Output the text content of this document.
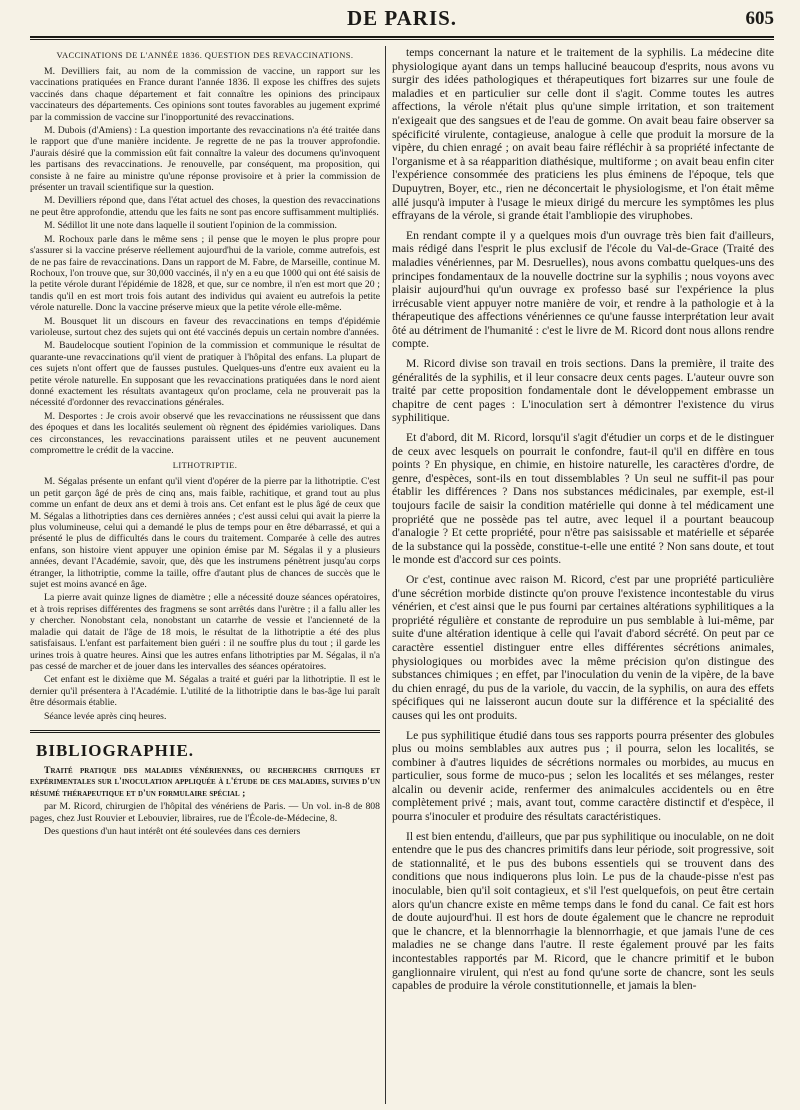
DE PARIS.	605
VACCINATIONS DE L'ANNÉE 1836. QUESTION DES REVACCINATIONS.

M. Devilliers fait, au nom de la commission de vaccine, un rapport sur les vaccinations pratiquées en France durant l'année 1836. Il expose les chiffres des sujets vaccinés dans chaque département et fait connaître les opinions des principaux vaccinateurs des départements. Ces opinions sont toutes favorables au jugement exprimé par la commission de vaccine sur l'inopportunité des revaccinations.

M. Dubois (d'Amiens) : La question importante des revaccinations n'a été traitée dans le rapport que d'une manière incidente. Je regrette de ne pas la trouver approfondie. J'aurais désiré que la commission eût fait connaître la valeur des documens qu'invoquent les partisans des revaccinations. Je renouvelle, par conséquent, ma proposition, qui consiste à ne faire au ministre qu'une réponse provisoire et à prier la commission de présenter un travail scientifique sur la question.

M. Devilliers répond que, dans l'état actuel des choses, la question des revaccinations ne peut être approfondie, attendu que les faits ne sont pas encore suffisamment multipliés.

M. Sédillot lit une note dans laquelle il soutient l'opinion de la commission.

M. Rochoux parle dans le même sens ; il pense que le moyen le plus propre pour s'assurer si la vaccine préserve réellement aujourd'hui de la variole, comme autrefois, est de ne pas faire de revaccinations. Dans un rapport de M. Fabre, de Marseille, continue M. Rochoux, l'on trouve que, sur 30,000 vaccinés, il n'y en a eu que 1000 qui ont été saisis de la petite vérole durant l'épidémie de 1828, et que, sur ce nombre, il n'en est mort que 20 ; tandis qu'il en est mort trois fois autant des individus qui avaient eu autrefois la petite vérole naturelle. Donc la vaccine préserve mieux que la petite vérole elle-même.

M. Bousquet lit un discours en faveur des revaccinations en temps d'épidémie varioleuse, surtout chez des sujets qui ont été vaccinés depuis un certain nombre d'années.

M. Baudelocque soutient l'opinion de la commission et communique le résultat de quarante-une revaccinations qu'il vient de pratiquer à l'hôpital des enfans. La plupart de ces sujets n'ont offert que de fausses pustules. Quelques-uns d'entre eux avaient eu la petite vérole naturelle. En supposant que les revaccinations pratiquées dans le nord aient donné exactement les résultats avantageux qu'on proclame, cela ne prouverait pas la nécessité d'ordonner des revaccinations générales.

M. Desportes : Je crois avoir observé que les revaccinations ne réussissent que dans des époques et dans les localités seulement où règnent des épidémies varioliques. Dans ces circonstances, les revaccinations paraissent utiles et ne peuvent aucunement compromettre le crédit de la vaccine.

LITHOTRIPTIE.

M. Ségalas présente un enfant qu'il vient d'opérer de la pierre par la lithotriptie. C'est un petit garçon âgé de près de cinq ans, mais faible, rachitique, et grand tout au plus comme un enfant de deux ans et demi à trois ans. Cet enfant est le plus âgé de ceux que M. Ségalas a lithotripties dans ces dernières années ; c'est aussi celui qui avait la pierre la plus volumineuse, celui qui a demandé le plus de temps pour en être débarrassé, et qui a présenté le plus de difficultés dans le cours du traitement. Comparée à celle des autres enfans, son histoire vient appuyer une opinion émise par M. Ségalas il y a plusieurs années, devant l'Académie, savoir, que, dès que les instrumens pénètrent jusqu'au corps étranger, la lithotriptie, comme la taille, offre d'autant plus de chances de succès que le sujet est moins avancé en âge.

La pierre avait quinze lignes de diamètre ; elle a nécessité douze séances opératoires, et à trois reprises différentes des fragmens se sont arrêtés dans l'urètre ; il a fallu aller les y chercher. Nonobstant cela, nonobstant un catarrhe de vessie et l'ancienneté de la maladie qui datait de l'âge de 18 mois, le résultat de la lithotriptie a été des plus satisfaisaus. L'enfant est parfaitement bien guéri : il ne souffre plus du tout ; il garde les urines trois à quatre heures. Ainsi que les autres enfans lithotripties par M. Ségalas, il n'a pas cessé de marcher et de jouer dans les intervalles des séances opératoires.

Cet enfant est le dixième que M. Ségalas a traité et guéri par la lithotriptie. Il est le dernier qu'il présentera à l'Académie. L'utilité de la lithotriptie dans le bas-âge lui paraît être désormais établie.

Séance levée après cinq heures.

BIBLIOGRAPHIE.

Traité pratique des maladies vénériennes, ou recherches critiques et expérimentales sur l'inoculation appliquée à l'étude de ces maladies, suivies d'un résumé thérapeutique et d'un formulaire spécial ;

par M. Ricord, chirurgien de l'hôpital des vénériens de Paris. — Un vol. in-8 de 808 pages, chez Just Rouvier et Lebouvier, libraires, rue de l'École-de-Médecine, 8.

Des questions d'un haut intérêt ont été soulevées dans ces derniers

temps concernant la nature et le traitement de la syphilis. La médecine dite physiologique ayant dans un temps halluciné beaucoup d'esprits, nous avons vu surgir des idées pathologiques et thérapeutiques fort bizarres sur une foule de maladies et en particulier sur celle dont il s'agit. Comme toutes les autres affections, la vérole n'était plus qu'une simple irritation, et son traitement n'exigeait que des sangsues et de l'eau de gomme. On avait beau faire observer sa spécificité virulente, contagieuse, analogue à celle que produit la morsure de la vipère, du chien enragé ; on avait beau faire réfléchir à sa propriété infectante de l'organisme et à sa réapparition diathésique, multiforme ; on avait beau enfin citer l'expérience consommée des praticiens les plus éminens de l'époque, tels que Dupuytren, Boyer, etc., rien ne déconcertait le physiologisme, et l'on était même allé jusqu'à imputer à l'usage le mieux dirigé du mercure les symptômes les plus effrayans de la vérole, si grande était l'ambliopie des viruphobes.

En rendant compte il y a quelques mois d'un ouvrage très bien fait d'ailleurs, mais rédigé dans l'esprit le plus exclusif de l'école du Val-de-Grace (Traité des maladies vénériennes, par M. Desruelles), nous avons combattu quelques-uns des principes fondamentaux de la nouvelle doctrine sur la syphilis ; nous voyons avec plaisir aujourd'hui qu'un ouvrage ex professo basé sur l'expérience la plus irrécusable vient appuyer notre manière de voir, et rendre à la pathologie et à la thérapeutique des affections vénériennes ce qu'une fausse interprétation leur avait ôté au détriment de l'humanité : c'est le livre de M. Ricord dont nous allons rendre compte.

M. Ricord divise son travail en trois sections. Dans la première, il traite des généralités de la syphilis, et il leur consacre deux cents pages. L'auteur ouvre son traité par cette proposition fondamentale dont le développement embrasse un chapitre de cent pages : L'inoculation sert à démontrer l'existence du virus syphilitique.

Et d'abord, dit M. Ricord, lorsqu'il s'agit d'étudier un corps et de le distinguer de ceux avec lesquels on pourrait le confondre, faut-il qu'il en diffère en tous points ? En physique, en chimie, en histoire naturelle, les caractères d'ordre, de genre, d'espèces, sont-ils en tout dissemblables ? Un seul ne suffit-il pas pour établir les différences ? Dans nos substances médicinales, par exemple, est-il toujours facile de saisir la condition matérielle qui donne à tel médicament une propriété que ne possède pas tel autre, avec lequel il a pourtant beaucoup d'analogie ? Et cette propriété, pour n'être pas saisissable et matérielle et séparée de la substance qui la possède, constitue-t-elle une entité ? Non sans doute, et tout le monde est d'accord sur ces points.

Or c'est, continue avec raison M. Ricord, c'est par une propriété particulière d'une sécrétion morbide distincte qu'on prouve l'existence incontestable du virus vénérien, et c'est ainsi que le pus fourni par certaines altérations syphilitiques a la propriété régulière et constante de reproduire un pus semblable à lui-même, par suite d'une altération identique à celle qui l'avait d'abord sécrété. On peut par ce caractère essentiel distinguer entre elles différentes sécrétions animales, physiologiques ou morbides avec la même précision qu'on distingue des substances chimiques ; en effet, par l'inoculation du venin de la vipère, de la bave du chien enragé, du pus de la variole, du vaccin, de la syphilis, on aura des effets spécifiques qui ne laisseront aucun doute sur la différence et la spécialité des causes qui les ont produits.

Le pus syphilitique étudié dans tous ses rapports pourra présenter des globules plus ou moins semblables aux autres pus ; il pourra, selon les localités, se combiner à d'autres liquides de sécrétions normales ou morbides, au mucus en particulier, sous forme de muco-pus ; selon les localités et ses mélanges, rester alcalin ou devenir acide, renfermer des animalcules accidentels ou en être complètement privé ; mais, avant tout, comme caractère distinctif et d'espèce, il pourra s'inoculer et produire des résultats caractéristiques.

Il est bien entendu, d'ailleurs, que par pus syphilitique ou inoculable, on ne doit entendre que le pus des chancres primitifs dans leur période, soit progressive, soit de stationnalité, et le pus des bubons essentiels qui se trouvent dans des conditions que nous indiquerons plus loin. Le pus de la chaude-pisse n'est pas inoculable, bien qu'il soit contagieux, et s'il l'est quelquefois, on peut être certain alors qu'un chancre existe en même temps dans le fond du canal. Ce fait est hors de doute aujourd'hui. Il est hors de doute également que le chancre ne reproduit que le chancre, et la blennorrhagie la blennorrhagie, et que jamais l'une de ces maladies ne se change dans l'autre. Il reste également prouvé par les faits incontestables rapportés par M. Ricord, que le chancre primitif et le bubon ganglionnaire virulent, qui n'est au fond qu'une sorte de chancre, sont les seuls capables de produire la vérole constitutionnelle, et jamais la blen-
